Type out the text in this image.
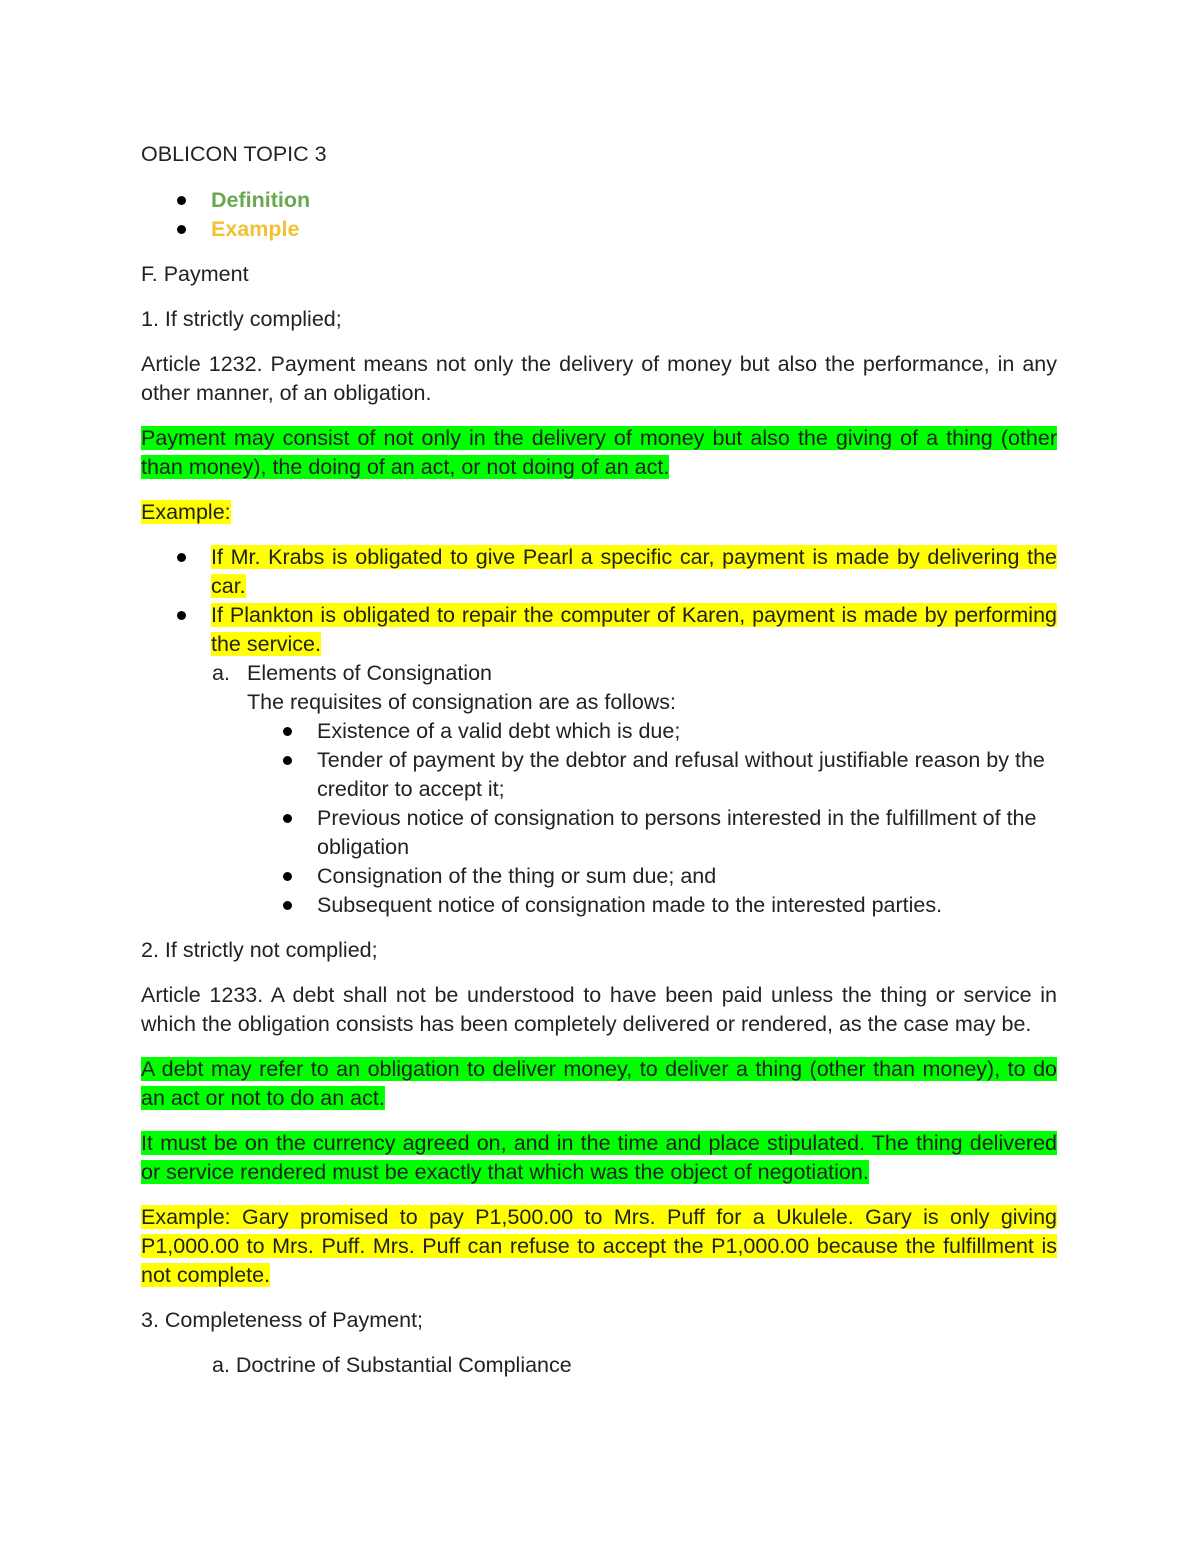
OBLICON TOPIC 3

Definition
Example

F. Payment

1. If strictly complied;

Article 1232. Payment means not only the delivery of money but also the performance, in any other manner, of an obligation.

Payment may consist of not only in the delivery of money but also the giving of a thing (other than money), the doing of an act, or not doing of an act.

Example:

If Mr. Krabs is obligated to give Pearl a specific car, payment is made by delivering the car.
If Plankton is obligated to repair the computer of Karen, payment is made by performing the service.
a. Elements of Consignation
The requisites of consignation are as follows:
Existence of a valid debt which is due;
Tender of payment by the debtor and refusal without justifiable reason by the creditor to accept it;
Previous notice of consignation to persons interested in the fulfillment of the obligation
Consignation of the thing or sum due; and
Subsequent notice of consignation made to the interested parties.

2. If strictly not complied;

Article 1233. A debt shall not be understood to have been paid unless the thing or service in which the obligation consists has been completely delivered or rendered, as the case may be.

A debt may refer to an obligation to deliver money, to deliver a thing (other than money), to do an act or not to do an act.

It must be on the currency agreed on, and in the time and place stipulated. The thing delivered or service rendered must be exactly that which was the object of negotiation.

Example: Gary promised to pay P1,500.00 to Mrs. Puff for a Ukulele. Gary is only giving P1,000.00 to Mrs. Puff. Mrs. Puff can refuse to accept the P1,000.00 because the fulfillment is not complete.

3. Completeness of Payment;

a. Doctrine of Substantial Compliance
